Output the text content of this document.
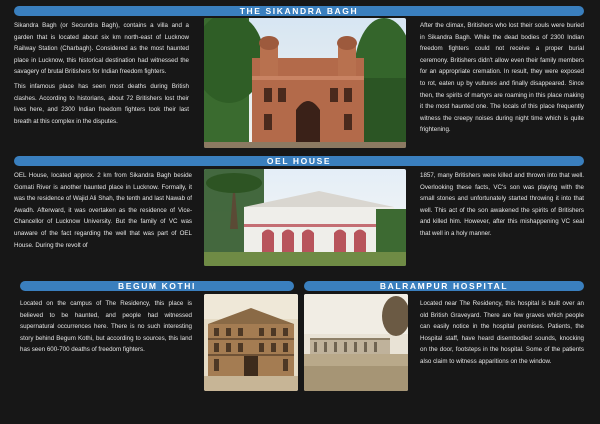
THE SIKANDRA BAGH

Sikandra Bagh (or Secundra Bagh), contains a villa and a garden that is located about six km north-east of Lucknow Railway Station (Charbagh). Considered as the most haunted place in Lucknow, this historical destination had witnessed the savagery of brutal Britishers for Indian freedom fighters.

This infamous place has seen most deaths during British clashes. According to historians, about 72 Britishers lost their lives here, and 2300 Indian freedom fighters took their last breath at this complex in the disputes.

After the climax, Britishers who lost their souls were buried in Sikandra Bagh. While the dead bodies of 2300 Indian freedom fighters could not receive a proper burial ceremony. Britishers didn't allow even their family members for an appropriate cremation. In result, they were exposed to rot, eaten up by vultures and finally disappeared. Since then, the spirits of martyrs are roaming in this place making it the most haunted one. The locals of this place frequently witness the creepy noises during night time which is quite frightening.

OEL HOUSE

OEL House, located approx. 2 km from Sikandra Bagh beside Gomati River is another haunted place in Lucknow. Formally, it was the residence of Wajid Ali Shah, the tenth and last Nawab of Awadh. Afterward, it was overtaken as the residence of Vice-Chancellor of Lucknow University. But the family of VC was unaware of the fact regarding the well that was part of OEL House. During the revolt of

1857, many Britishers were killed and thrown into that well. Overlooking these facts, VC's son was playing with the small stones and unfortunately started throwing it into that well. This act of the son awakened the spirits of Britishers and killed him. However, after this mishappening VC seal that well in a holy manner.

BEGUM KOTHI

Located on the campus of The Residency, this place is believed to be haunted, and people had witnessed supernatural occurrences here. There is no such interesting story behind Begum Kothi, but according to sources, this land has seen 600-700 deaths of freedom fighters.

BALRAMPUR HOSPITAL

Located near The Residency, this hospital is built over an old British Graveyard. There are few graves which people can easily notice in the hospital premises. Patients, the Hospital staff, have heard disembodied sounds, knocking on the door, footsteps in the hospital. Some of the patients also claim to witness apparitions on the window.
